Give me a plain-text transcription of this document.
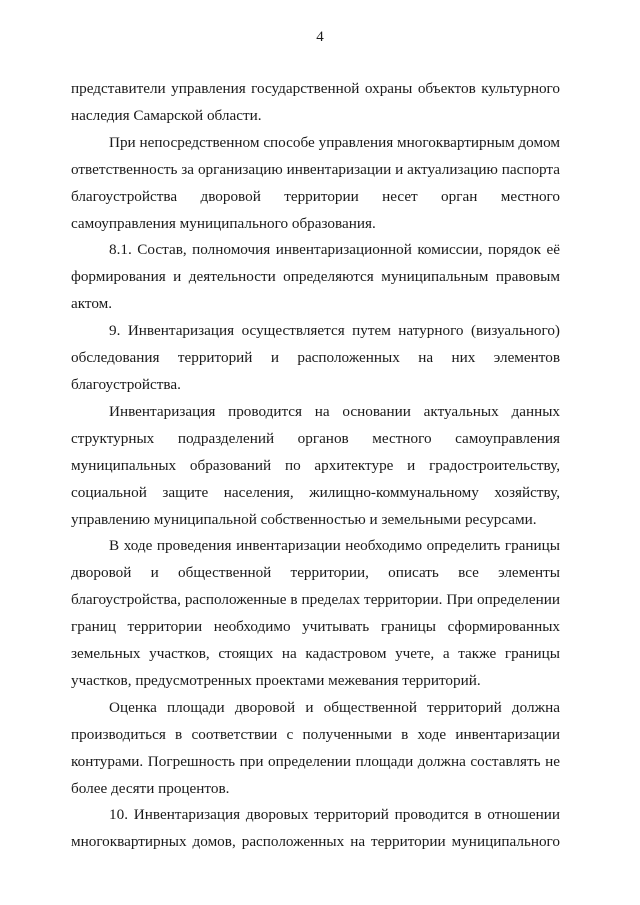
4
представители управления государственной охраны объектов культурного
наследия Самарской области.
При непосредственном способе управления многоквартирным домом
ответственность за организацию инвентаризации и актуализацию паспорта
благоустройства дворовой территории несет орган местного
самоуправления муниципального образования.
8.1. Состав, полномочия инвентаризационной комиссии, порядок её
формирования и деятельности определяются муниципальным правовым
актом.
9. Инвентаризация осуществляется путем натурного (визуального)
обследования территорий и расположенных на них элементов
благоустройства.
Инвентаризация проводится на основании актуальных данных
структурных подразделений органов местного самоуправления
муниципальных образований по архитектуре и градостроительству,
социальной защите населения, жилищно-коммунальному хозяйству,
управлению муниципальной собственностью и земельными ресурсами.
В ходе проведения инвентаризации необходимо определить границы
дворовой и общественной территории, описать все элементы
благоустройства, расположенные в пределах территории. При определении
границ территории необходимо учитывать границы сформированных
земельных участков, стоящих на кадастровом учете, а также границы
участков, предусмотренных проектами межевания территорий.
Оценка площади дворовой и общественной территорий должна
производиться в соответствии с полученными в ходе инвентаризации
контурами. Погрешность при определении площади должна составлять не
более десяти процентов.
10. Инвентаризация дворовых территорий проводится в отношении
многоквартирных домов, расположенных на территории муниципального
